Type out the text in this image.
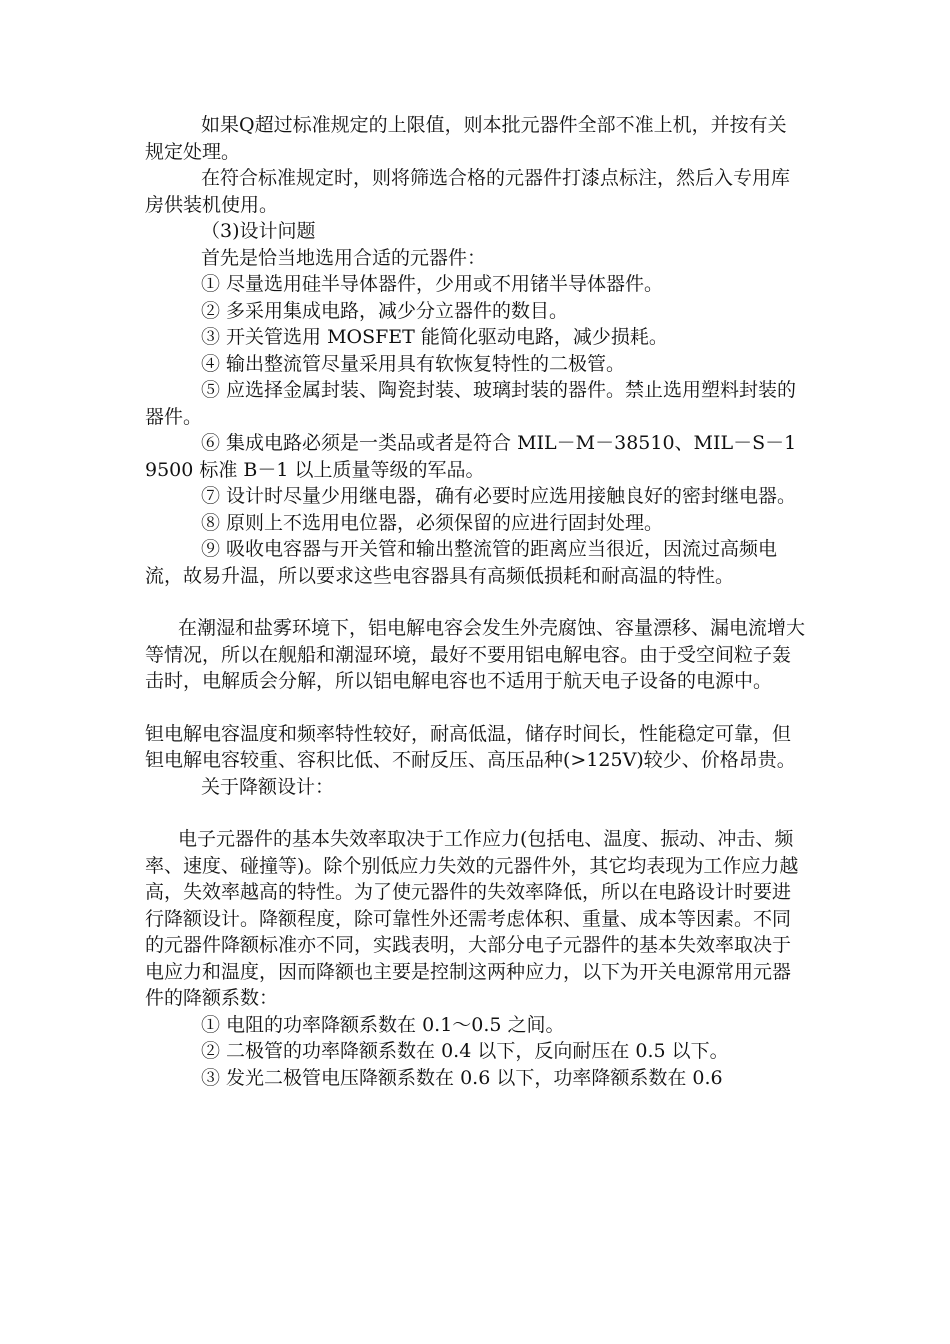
如果Q超过标准规定的上限值，则本批元器件全部不准上机，并按有关规定处理。

在符合标准规定时，则将筛选合格的元器件打漆点标注，然后入专用库房供装机使用。

（3)设计问题

首先是恰当地选用合适的元器件：

① 尽量选用硅半导体器件，少用或不用锗半导体器件。

② 多采用集成电路，减少分立器件的数目。

③ 开关管选用 MOSFET 能简化驱动电路，减少损耗。

④ 输出整流管尽量采用具有软恢复特性的二极管。

⑤ 应选择金属封装、陶瓷封装、玻璃封装的器件。禁止选用塑料封装的器件。

⑥ 集成电路必须是一类品或者是符合 MIL－M－38510、MIL－S－19500 标准 B－1 以上质量等级的军品。

⑦ 设计时尽量少用继电器，确有必要时应选用接触良好的密封继电器。

⑧ 原则上不选用电位器，必须保留的应进行固封处理。

⑨ 吸收电容器与开关管和输出整流管的距离应当很近，因流过高频电流，故易升温，所以要求这些电容器具有高频低损耗和耐高温的特性。

在潮湿和盐雾环境下，铝电解电容会发生外壳腐蚀、容量漂移、漏电流增大等情况，所以在舰船和潮湿环境，最好不要用铝电解电容。由于受空间粒子轰击时，电解质会分解，所以铝电解电容也不适用于航天电子设备的电源中。

钽电解电容温度和频率特性较好，耐高低温，储存时间长，性能稳定可靠，但钽电解电容较重、容积比低、不耐反压、高压品种(>125V)较少、价格昂贵。

关于降额设计：

电子元器件的基本失效率取决于工作应力(包括电、温度、振动、冲击、频率、速度、碰撞等)。除个别低应力失效的元器件外，其它均表现为工作应力越高，失效率越高的特性。为了使元器件的失效率降低，所以在电路设计时要进行降额设计。降额程度，除可靠性外还需考虑体积、重量、成本等因素。不同的元器件降额标准亦不同，实践表明，大部分电子元器件的基本失效率取决于电应力和温度，因而降额也主要是控制这两种应力，以下为开关电源常用元器件的降额系数：

① 电阻的功率降额系数在 0.1～0.5 之间。

② 二极管的功率降额系数在 0.4 以下，反向耐压在 0.5 以下。

③ 发光二极管电压降额系数在 0.6 以下，功率降额系数在 0.6
